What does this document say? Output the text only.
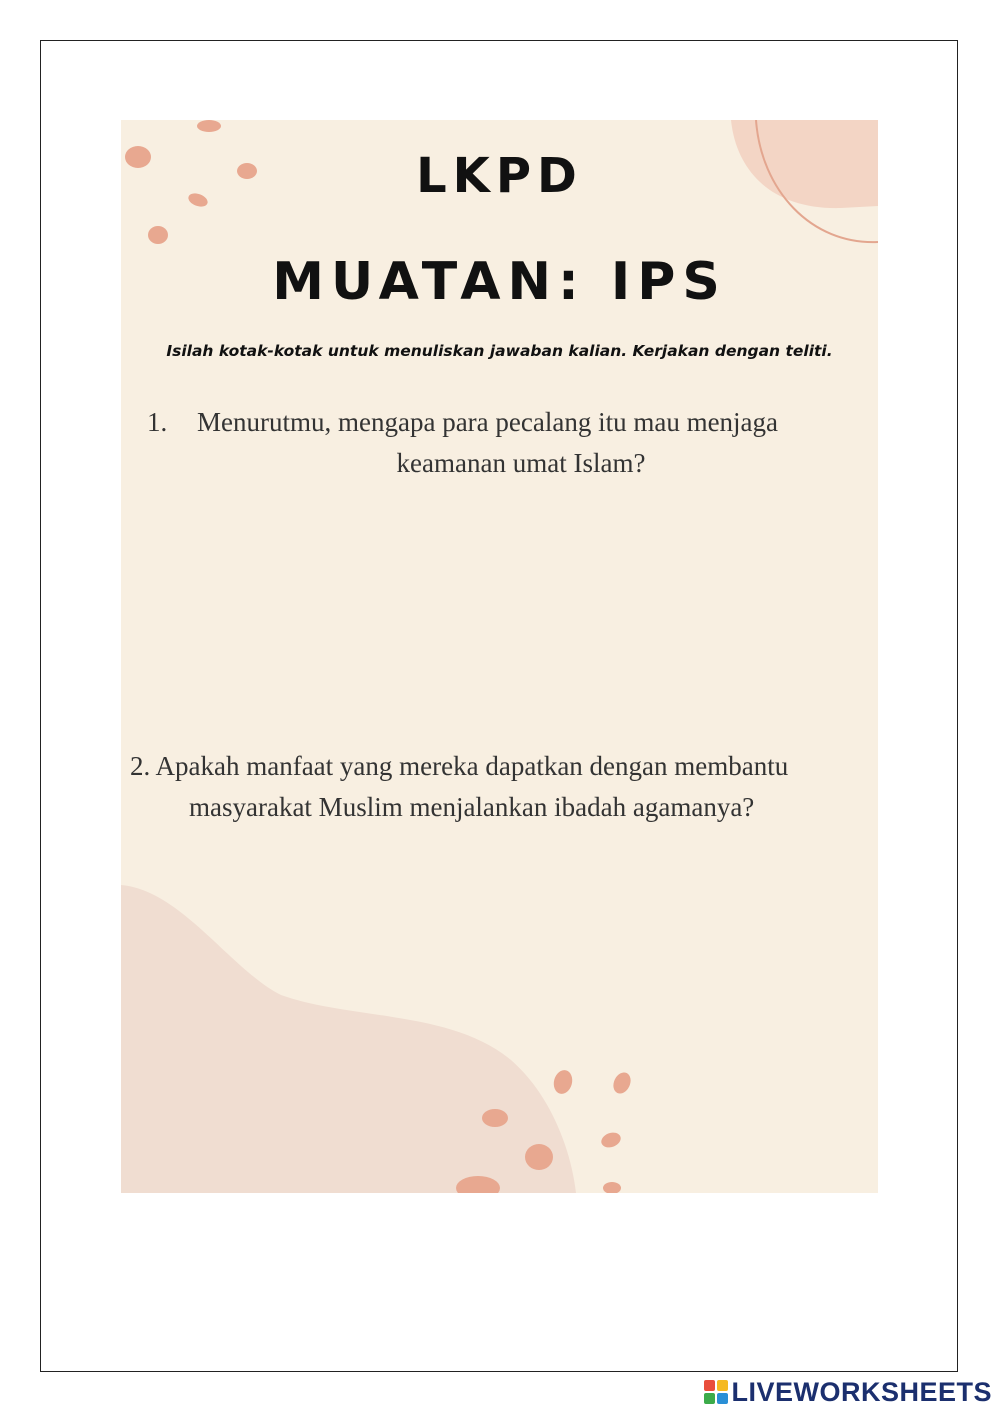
LKPD
MUATAN: IPS
Isilah kotak-kotak untuk menuliskan jawaban kalian. Kerjakan dengan teliti.
1. Menurutmu, mengapa para pecalang itu mau menjaga
keamanan umat Islam?
2. Apakah manfaat yang mereka dapatkan dengan membantu
masyarakat Muslim menjalankan ibadah agamanya?
LIVEWORKSHEETS
